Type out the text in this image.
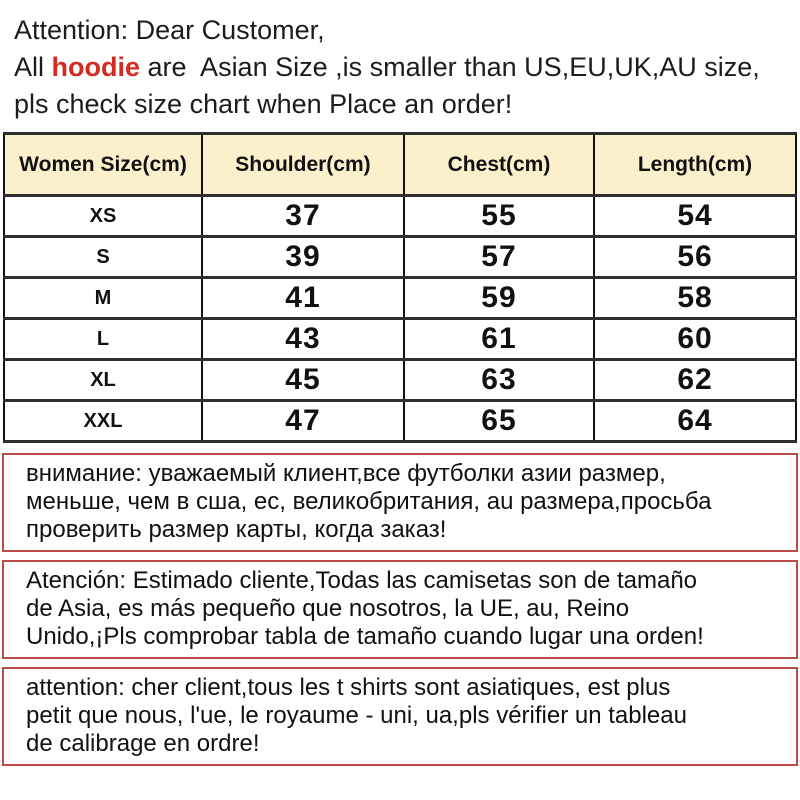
Attention: Dear Customer,
All hoodie are  Asian Size ,is smaller than US,EU,UK,AU size,
pls check size chart when Place an order!
Women Size(cm)	Shoulder(cm)	Chest(cm)	Length(cm)
XS	37	55	54
S	39	57	56
M	41	59	58
L	43	61	60
XL	45	63	62
XXL	47	65	64
внимание: уважаемый клиент,все футболки азии размер,
меньше, чем в сша, ес, великобритания, au размера,просьба
проверить размер карты, когда заказ!
Atención: Estimado cliente,Todas las camisetas son de tamaño
de Asia, es más pequeño que nosotros, la UE, au, Reino
Unido,¡Pls comprobar tabla de tamaño cuando lugar una orden!
attention: cher client,tous les t shirts sont asiatiques, est plus
petit que nous, l'ue, le royaume - uni, ua,pls vérifier un tableau
de calibrage en ordre!
